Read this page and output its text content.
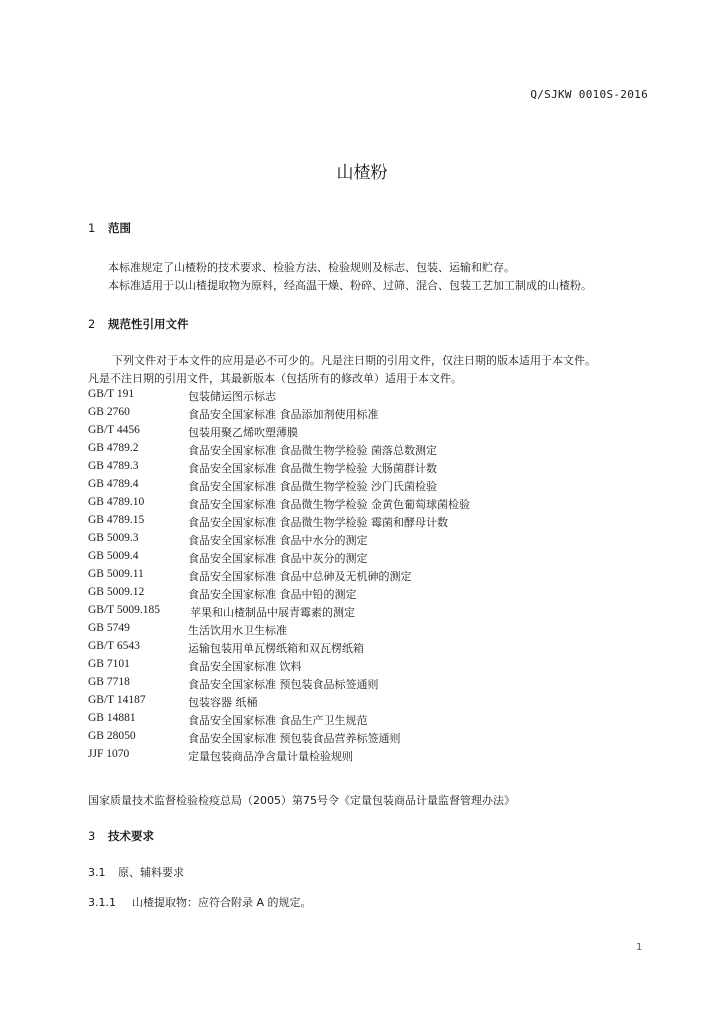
Q/SJKW 0010S-2016
山楂粉
1 范围
本标准规定了山楂粉的技术要求、检验方法、检验规则及标志、包装、运输和贮存。
本标准适用于以山楂提取物为原料，经高温干燥、粉碎、过筛、混合、包装工艺加工制成的山楂粉。
2 规范性引用文件
下列文件对于本文件的应用是必不可少的。凡是注日期的引用文件，仅注日期的版本适用于本文件。
凡是不注日期的引用文件，其最新版本（包括所有的修改单）适用于本文件。
GB/T 191	包装储运图示标志
GB 2760	食品安全国家标准 食品添加剂使用标准
GB/T 4456	包装用聚乙烯吹塑薄膜
GB 4789.2	食品安全国家标准 食品微生物学检验 菌落总数测定
GB 4789.3	食品安全国家标准 食品微生物学检验 大肠菌群计数
GB 4789.4	食品安全国家标准 食品微生物学检验 沙门氏菌检验
GB 4789.10	食品安全国家标准 食品微生物学检验 金黄色葡萄球菌检验
GB 4789.15	食品安全国家标准 食品微生物学检验 霉菌和酵母计数
GB 5009.3	食品安全国家标准 食品中水分的测定
GB 5009.4	食品安全国家标准 食品中灰分的测定
GB 5009.11	食品安全国家标准 食品中总砷及无机砷的测定
GB 5009.12	食品安全国家标准 食品中铅的测定
GB/T 5009.185	苹果和山楂制品中展青霉素的测定
GB 5749	生活饮用水卫生标准
GB/T 6543	运输包装用单瓦楞纸箱和双瓦楞纸箱
GB 7101	食品安全国家标准 饮料
GB 7718	食品安全国家标准 预包装食品标签通则
GB/T 14187	包装容器 纸桶
GB 14881	食品安全国家标准 食品生产卫生规范
GB 28050	食品安全国家标准 预包装食品营养标签通则
JJF 1070	定量包装商品净含量计量检验规则
国家质量技术监督检验检疫总局（2005）第75号令《定量包装商品计量监督管理办法》
3 技术要求
3.1 原、辅料要求
3.1.1 山楂提取物：应符合附录 A 的规定。
1
